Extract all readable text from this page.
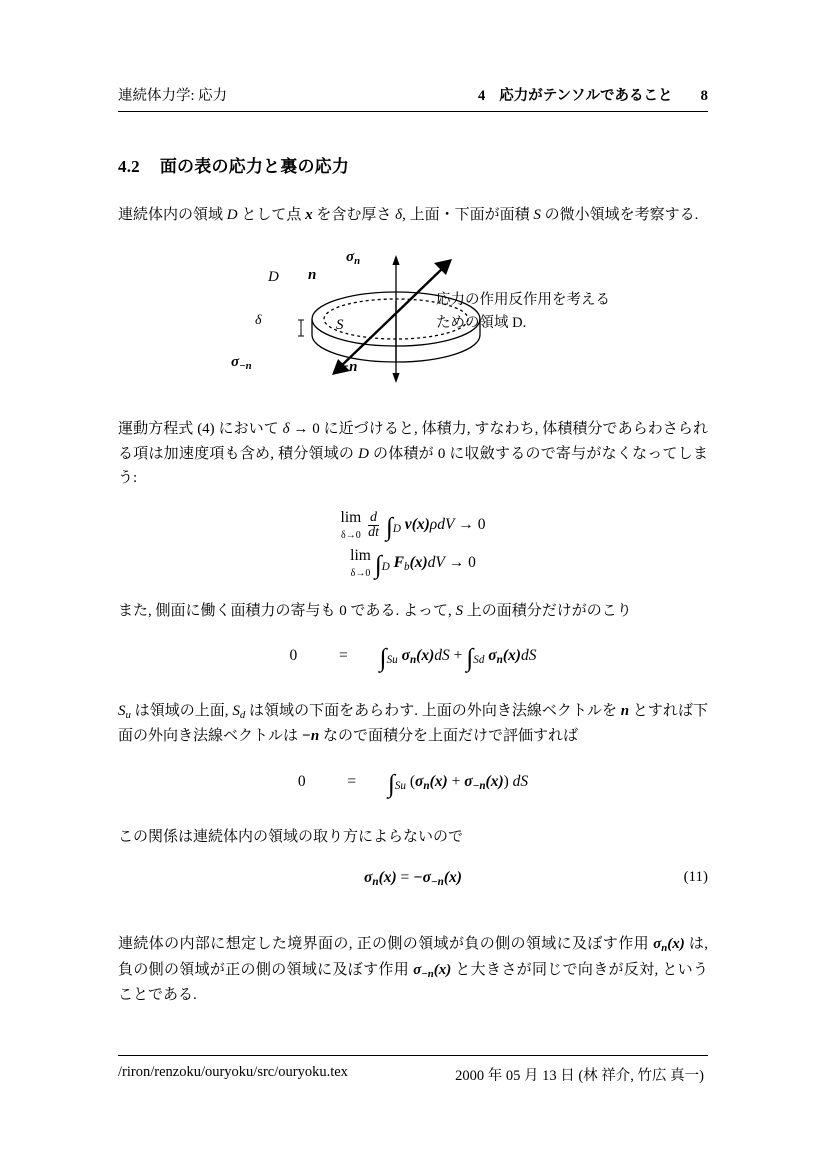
連続体力学: 応力	4 応力がテンソルであること	8
4.2 面の表の応力と裏の応力

連続体内の領域 D として点 x を含む厚さ δ, 上面・下面が面積 S の微小領域を考察する.

D n
$\sigma_n$
δ	S
$\sigma_{-n}$	−n
応力の作用反作用を考える
ための領域 D.

運動方程式 (4) において δ → 0 に近づけると, 体積力, すなわち, 体積積分であらわさられる項は加速度項も含め, 積分領域の D の体積が 0 に収斂するので寄与がなくなってしまう:

lim
$\delta\to 0 \frac{d}{dt} \int_D$ v(x)ρdV → 0
lim
δ→0 $\int_D$ $F_b(x)dV \to 0$

また, 側面に働く面積力の寄与も 0 である. よって, S 上の面積分だけがのこり

0	= $\int_{Su}$ $\sigma_n(x)dS + \int_{Sd}$ $\sigma_n(x)dS$

$S_u$ は領域の上面, $S_d$ は領域の下面をあらわす. 上面の外向き法線ベクトルを n とすれば下面の外向き法線ベクトルは −n なので面積分を上面だけで評価すれば

0	= $\int_{Su}$ $(\sigma_n(x) + \sigma_{-n}(x))$ dS

この関係は連続体内の領域の取り方によらないので

$\sigma_n(x) = -\sigma_{-n}(x)$	(11)

連続体の内部に想定した境界面の, 正の側の領域が負の側の領域に及ぼす作用 $\sigma_n(x)$ は, 負の側の領域が正の側の領域に及ぼす作用 $\sigma_{-n}(x)$ と大きさが同じで向きが反対, ということである.

/riron/renzoku/ouryoku/src/ouryoku.tex	2000 年 05 月 13 日 (林 祥介, 竹広 真一)
